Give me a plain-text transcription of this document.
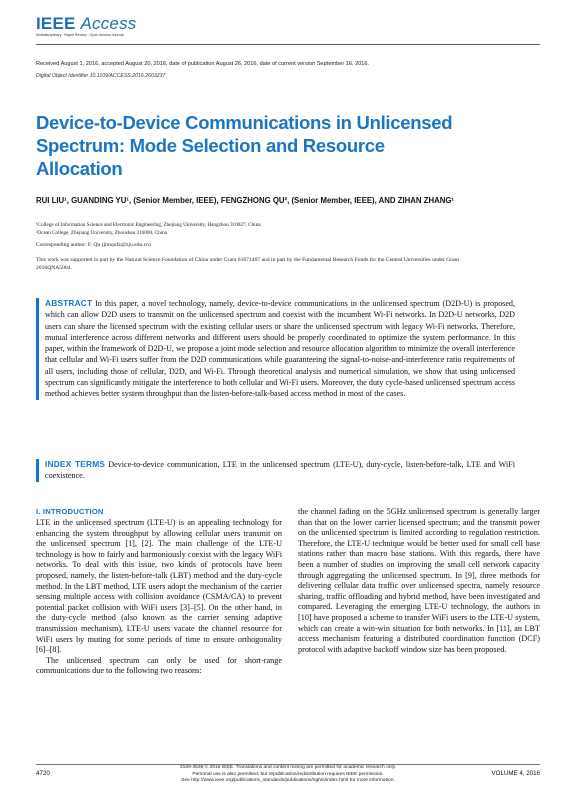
IEEE Access
Multidisciplinary : Rapid Review : Open Access Journal
Received August 1, 2016, accepted August 20, 2016, date of publication August 26, 2016, date of current version September 16, 2016.
Digital Object Identifier 10.1109/ACCESS.2016.2603237
Device-to-Device Communications in Unlicensed Spectrum: Mode Selection and Resource Allocation
RUI LIU¹, GUANDING YU¹, (Senior Member, IEEE), FENGZHONG QU², (Senior Member, IEEE), AND ZIHAN ZHANG¹
¹College of Information Science and Electronic Engineering, Zhejiang University, Hangzhou 310027, China
²Ocean College, Zhejiang University, Zhoushan 316000, China
Corresponding author: F. Qu (jimqufz@zju.edu.cn)
This work was supported in part by the Natural Science Foundation of China under Grant 61671407 and in part by the Fundamental Research Funds for the Central Universities under Grant 2016QNA5004.
ABSTRACT In this paper, a novel technology, namely, device-to-device communications in the unlicensed spectrum (D2D-U) is proposed, which can allow D2D users to transmit on the unlicensed spectrum and coexist with the incumbent Wi-Fi networks. In D2D-U networks, D2D users can share the licensed spectrum with the existing cellular users or share the unlicensed spectrum with legacy Wi-Fi networks. Therefore, mutual interference across different networks and different users should be properly coordinated to optimize the system performance. In this paper, within the framework of D2D-U, we propose a joint mode selection and resource allocation algorithm to minimize the overall interference that cellular and Wi-Fi users suffer from the D2D communications while guaranteeing the signal-to-noise-and-interference ratio requirements of all users, including those of cellular, D2D, and Wi-Fi. Through theoretical analysis and numerical simulation, we show that using unlicensed spectrum can significantly mitigate the interference to both cellular and Wi-Fi users. Moreover, the duty cycle-based unlicensed spectrum access method achieves better system throughput than the listen-before-talk-based access method in most of the cases.
INDEX TERMS Device-to-device communication, LTE in the unlicensed spectrum (LTE-U), duty-cycle, listen-before-talk, LTE and WiFi coexistence.
I. INTRODUCTION

LTE in the unlicensed spectrum (LTE-U) is an appealing technology for enhancing the system throughput by allowing cellular users transmit on the unlicensed spectrum [1], [2]. The main challenge of the LTE-U technology is how to fairly and harmoniously coexist with the legacy WiFi networks. To deal with this issue, two kinds of protocols have been proposed, namely, the listen-before-talk (LBT) method and the duty-cycle method. In the LBT method, LTE users adopt the mechanism of the carrier sensing multiple access with collision avoidance (CSMA/CA) to prevent potential packet collision with WiFi users [3]–[5]. On the other hand, in the duty-cycle method (also known as the carrier sensing adaptive transmission mechanism), LTE-U users vacate the channel resource for WiFi users by muting for some periods of time to ensure orthogonality [6]–[8].

The unlicensed spectrum can only be used for short-range communications due to the following two reasons:

the channel fading on the 5GHz unlicensed spectrum is generally larger than that on the lower carrier licensed spectrum; and the transmit power on the unlicensed spectrum is limited according to regulation restriction. Therefore, the LTE-U technique would be better used for small cell base stations rather than macro base stations. With this regards, there have been a number of studies on improving the small cell network capacity through aggregating the unlicensed spectrum. In [9], three methods for delivering cellular data traffic over unlicensed spectra, namely resource sharing, traffic offloading and hybrid method, have been investigated and compared. Leveraging the emerging LTE-U technology, the authors in [10] have proposed a scheme to transfer WiFi users to the LTE-U system, which can create a win-win situation for both networks. In [11], an LBT access mechanism featuring a distributed coordination function (DCF) protocol with adaptive backoff window size has been proposed.

4720
2169-3536 © 2016 IEEE. Translations and content mining are permitted for academic research only.
Personal use is also permitted, but republication/redistribution requires IEEE permission.
See http://www.ieee.org/publications_standards/publications/rights/index.html for more information.
VOLUME 4, 2016
